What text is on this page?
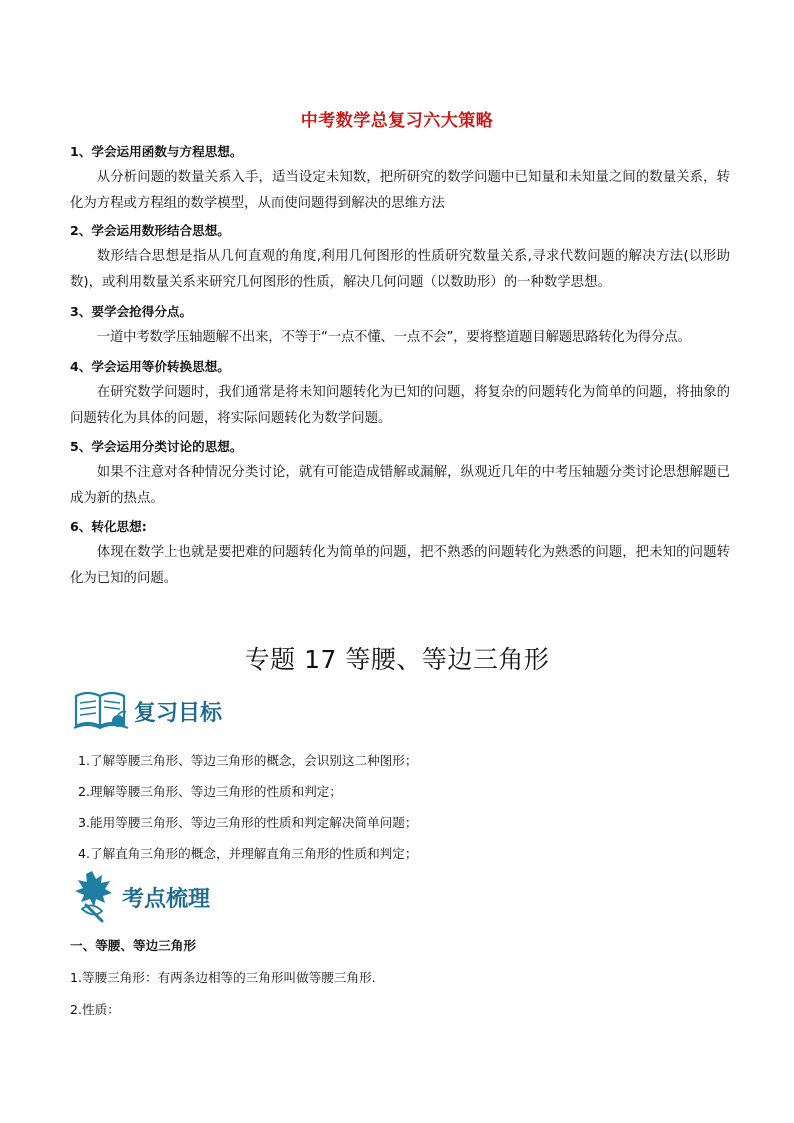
中考数学总复习六大策略
1、学会运用函数与方程思想。
从分析问题的数量关系入手，适当设定未知数，把所研究的数学问题中已知量和未知量之间的数量关系，转化为方程或方程组的数学模型，从而使问题得到解决的思维方法
2、学会运用数形结合思想。
数形结合思想是指从几何直观的角度,利用几何图形的性质研究数量关系,寻求代数问题的解决方法(以形助数)，或利用数量关系来研究几何图形的性质，解决几何问题（以数助形）的一种数学思想。
3、要学会抢得分点。
一道中考数学压轴题解不出来，不等于“一点不懂、一点不会”，要将整道题目解题思路转化为得分点。
4、学会运用等价转换思想。
在研究数学问题时，我们通常是将未知问题转化为已知的问题，将复杂的问题转化为简单的问题，将抽象的问题转化为具体的问题，将实际问题转化为数学问题。
5、学会运用分类讨论的思想。
如果不注意对各种情况分类讨论，就有可能造成错解或漏解，纵观近几年的中考压轴题分类讨论思想解题已成为新的热点。
6、转化思想:
体现在数学上也就是要把难的问题转化为简单的问题，把不熟悉的问题转化为熟悉的问题，把未知的问题转化为已知的问题。
专题 17 等腰、等边三角形
复习目标
1.了解等腰三角形、等边三角形的概念，会识别这二种图形；
2.理解等腰三角形、等边三角形的性质和判定；
3.能用等腰三角形、等边三角形的性质和判定解决简单问题；
4.了解直角三角形的概念，并理解直角三角形的性质和判定；
考点梳理
一、等腰、等边三角形
1.等腰三角形：有两条边相等的三角形叫做等腰三角形.
2.性质：
